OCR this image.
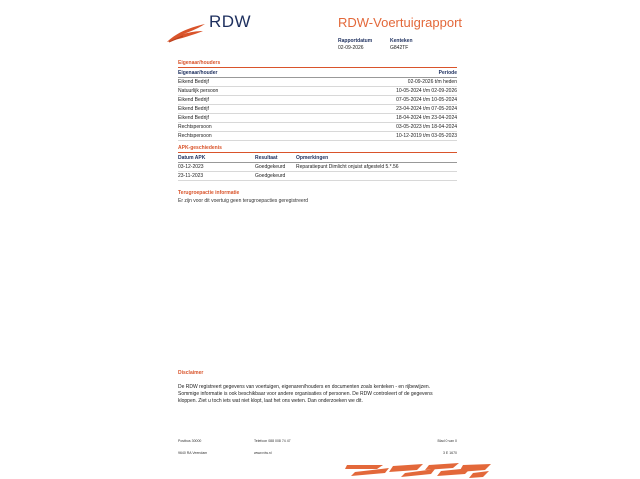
RDW	RDW-Voertuigrapport
Rapportdatum
02-09-2026
Kenteken
G842TF
Eigenaar/houders
Eigenaar/houder	Periode
Eikend Bedrijf	02-09-2026 t/m heden
Natuurlijk persoon	10-05-2024 t/m 02-09-2026
Eikend Bedrijf	07-05-2024 t/m 10-05-2024
Eikend Bedrijf	23-04-2024 t/m 07-05-2024
Eikend Bedrijf	18-04-2024 t/m 23-04-2024
Rechtspersoon	03-05-2023 t/m 18-04-2024
Rechtspersoon	10-12-2019 t/m 03-05-2023
APK-geschiedenis
Datum APK	Resultaat	Opmerkingen
03-12-2023	Goedgekeurd	Reparatiepunt Dimlicht onjuist afgesteld 5.*.56
23-11-2023	Goedgekeurd
Terugroepactie informatie
Er zijn voor dit voertuig geen terugroepacties geregistreerd
Disclaimer
De RDW registreert gegevens van voertuigen, eigenaren/houders en documenten zoals kenteken - en rijbewijzen.
Sommige informatie is ook beschikbaar voor andere organisaties of personen. De RDW controleert of de gegevens
kloppen. Ziet u toch iets wat niet klopt, laat het ons weten. Dan onderzoeken we dit.
Postbus 30000
9640 RA Veendam
Telefoon 088 008 74 47
www.rdw.nl
Blad 0 van 0
3 E 1670
